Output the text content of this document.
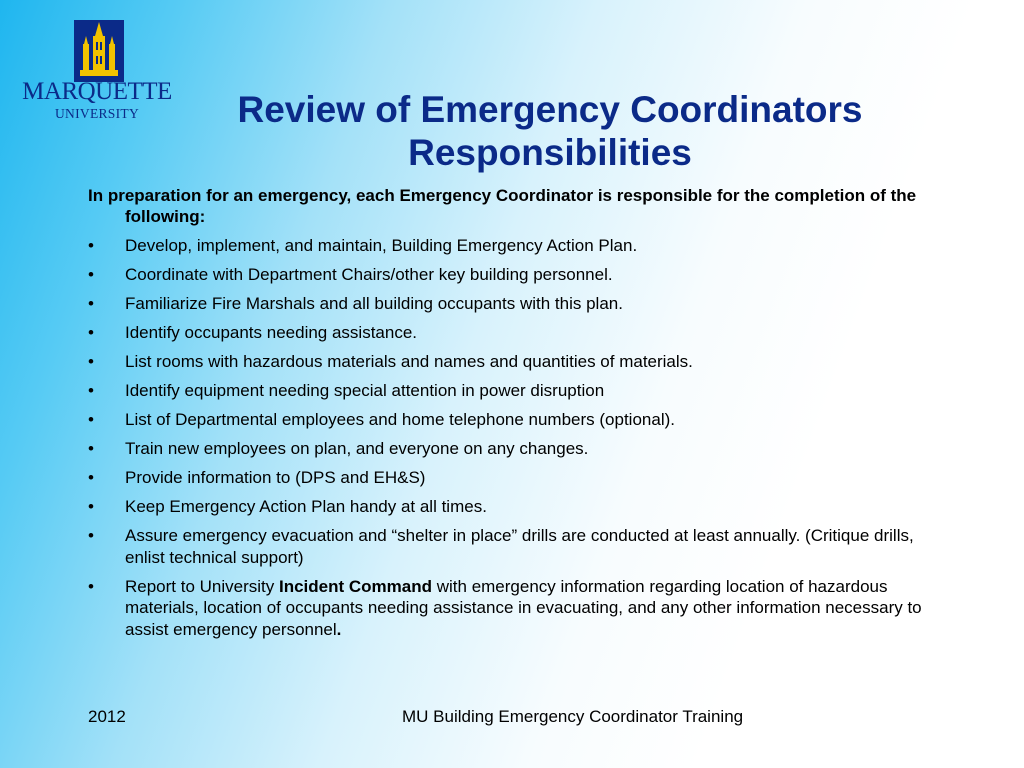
MARQUETTE
UNIVERSITY	Review of Emergency Coordinators Responsibilities
In preparation for an emergency, each Emergency Coordinator is responsible for the completion of the following:
• Develop, implement, and maintain, Building Emergency Action Plan.
• Coordinate with Department Chairs/other key building personnel.
• Familiarize Fire Marshals and all building occupants with this plan.
• Identify occupants needing assistance.
• List rooms with hazardous materials and names and quantities of materials.
• Identify equipment needing special attention in power disruption
• List of Departmental employees and home telephone numbers (optional).
• Train new employees on plan, and everyone on any changes.
• Provide information to (DPS and EH&S)
• Keep Emergency Action Plan handy at all times.
• Assure emergency evacuation and “shelter in place” drills are conducted at least annually. (Critique drills, enlist technical support)
• Report to University Incident Command with emergency information regarding location of hazardous materials, location of occupants needing assistance in evacuating, and any other information necessary to assist emergency personnel.
2012	MU Building Emergency Coordinator Training
